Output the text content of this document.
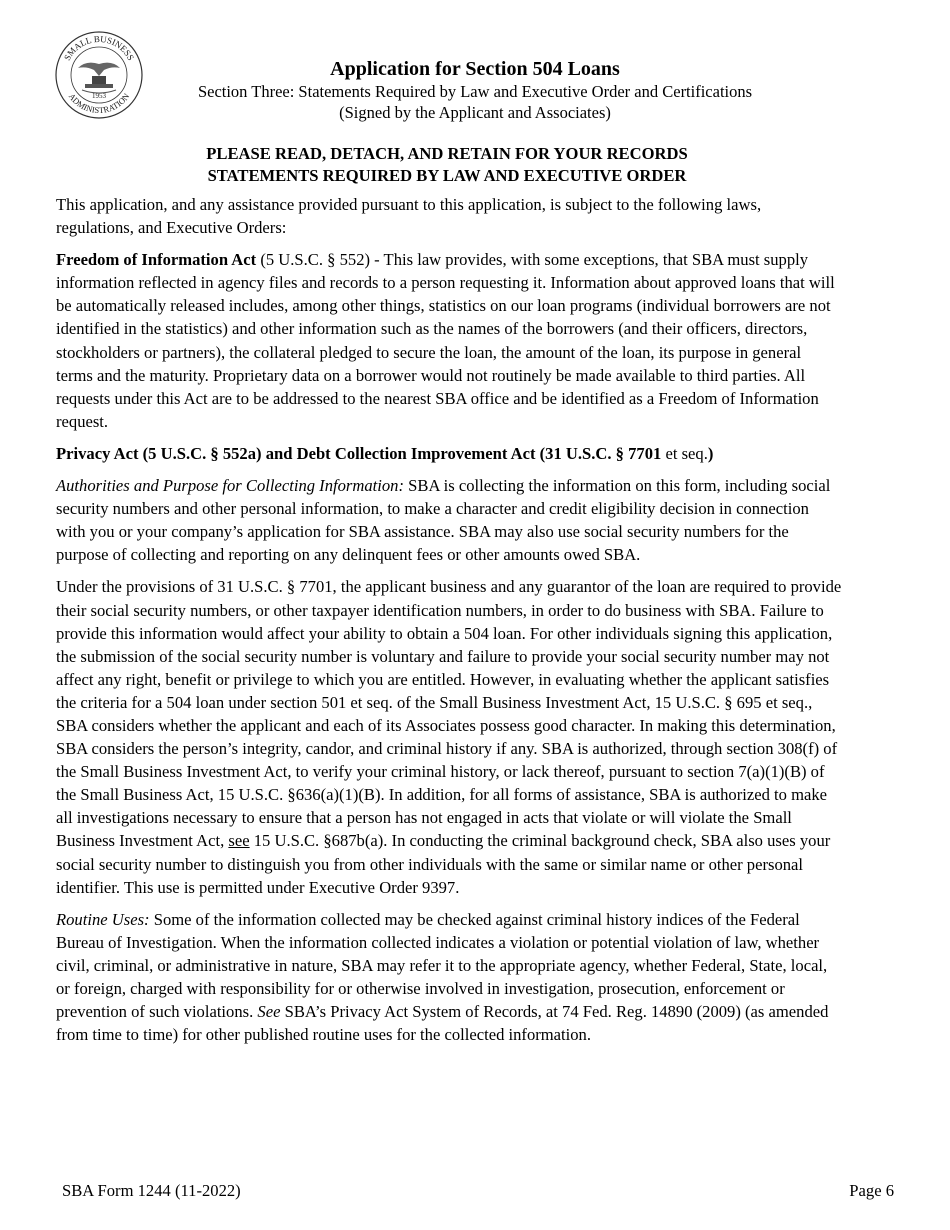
SMALL BUSINESS
ADMINISTRATION
1953
Application for Section 504 Loans
Section Three: Statements Required by Law and Executive Order and Certifications
(Signed by the Applicant and Associates)
PLEASE READ, DETACH, AND RETAIN FOR YOUR RECORDS
STATEMENTS REQUIRED BY LAW AND EXECUTIVE ORDER

This application, and any assistance provided pursuant to this application, is subject to the following laws, regulations, and Executive Orders:

Freedom of Information Act (5 U.S.C. § 552) - This law provides, with some exceptions, that SBA must supply information reflected in agency files and records to a person requesting it. Information about approved loans that will be automatically released includes, among other things, statistics on our loan programs (individual borrowers are not identified in the statistics) and other information such as the names of the borrowers (and their officers, directors, stockholders or partners), the collateral pledged to secure the loan, the amount of the loan, its purpose in general terms and the maturity. Proprietary data on a borrower would not routinely be made available to third parties. All requests under this Act are to be addressed to the nearest SBA office and be identified as a Freedom of Information request.

Privacy Act (5 U.S.C. § 552a) and Debt Collection Improvement Act (31 U.S.C. § 7701 et seq.)

Authorities and Purpose for Collecting Information: SBA is collecting the information on this form, including social security numbers and other personal information, to make a character and credit eligibility decision in connection with you or your company’s application for SBA assistance. SBA may also use social security numbers for the purpose of collecting and reporting on any delinquent fees or other amounts owed SBA.

Under the provisions of 31 U.S.C. § 7701, the applicant business and any guarantor of the loan are required to provide their social security numbers, or other taxpayer identification numbers, in order to do business with SBA. Failure to provide this information would affect your ability to obtain a 504 loan. For other individuals signing this application, the submission of the social security number is voluntary and failure to provide your social security number may not affect any right, benefit or privilege to which you are entitled. However, in evaluating whether the applicant satisfies the criteria for a 504 loan under section 501 et seq. of the Small Business Investment Act, 15 U.S.C. § 695 et seq., SBA considers whether the applicant and each of its Associates possess good character. In making this determination, SBA considers the person’s integrity, candor, and criminal history if any. SBA is authorized, through section 308(f) of the Small Business Investment Act, to verify your criminal history, or lack thereof, pursuant to section 7(a)(1)(B) of the Small Business Act, 15 U.S.C. §636(a)(1)(B). In addition, for all forms of assistance, SBA is authorized to make all investigations necessary to ensure that a person has not engaged in acts that violate or will violate the Small Business Investment Act, see 15 U.S.C. §687b(a). In conducting the criminal background check, SBA also uses your social security number to distinguish you from other individuals with the same or similar name or other personal identifier. This use is permitted under Executive Order 9397.

Routine Uses: Some of the information collected may be checked against criminal history indices of the Federal Bureau of Investigation. When the information collected indicates a violation or potential violation of law, whether civil, criminal, or administrative in nature, SBA may refer it to the appropriate agency, whether Federal, State, local, or foreign, charged with responsibility for or otherwise involved in investigation, prosecution, enforcement or prevention of such violations. See SBA’s Privacy Act System of Records, at 74 Fed. Reg. 14890 (2009) (as amended from time to time) for other published routine uses for the collected information.

SBA Form 1244 (11-2022)	Page 6
